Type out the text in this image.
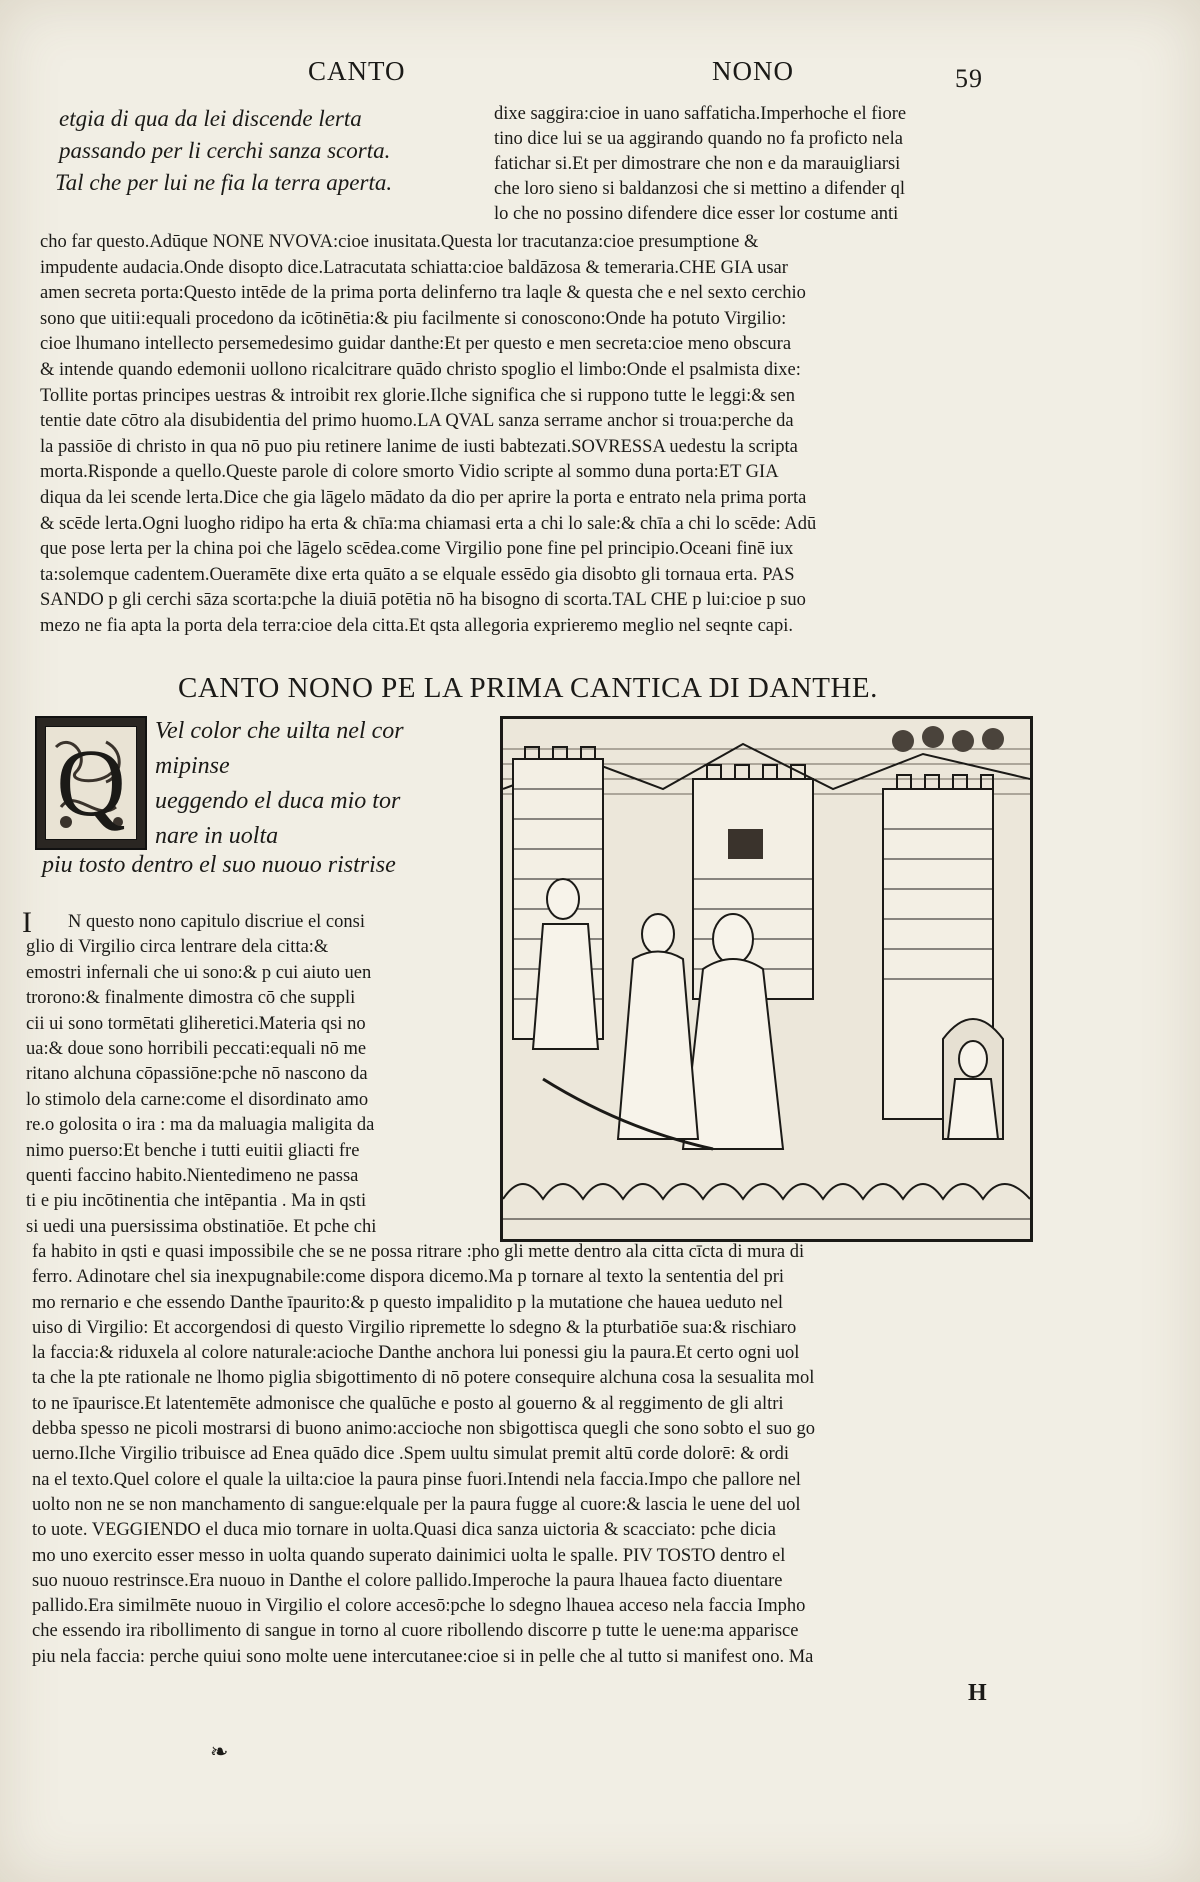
CANTO	NONO	59
etgia di qua da lei discende lerta
passando per li cerchi sanza scorta.
Tal che per lui ne fia la terra aperta.
dixe saggira:cioe in uano saffaticha.Imperhoche el fiore
tino dice lui se ua aggirando quando no fa proficto nela
fatichar si.Et per dimostrare che non e da marauigliarsi
che loro sieno si baldanzosi che si mettino a difender ql
lo che no possino difendere dice esser lor costume anti
cho far questo.Adūque NONE NVOVA:cioe inusitata.Questa lor tracutanza:cioe presumptione &
impudente audacia.Onde disopto dice.Latracutata schiatta:cioe baldāzosa & temeraria.CHE GIA usar
amen secreta porta:Questo intēde de la prima porta delinferno tra laqle & questa che e nel sexto cerchio
sono que uitii:equali procedono da icōtinētia:& piu facilmente si conoscono:Onde ha potuto Virgilio:
cioe lhumano intellecto persemedesimo guidar danthe:Et per questo e men secreta:cioe meno obscura
& intende quando edemonii uollono ricalcitrare quādo christo spoglio el limbo:Onde el psalmista dixe:
Tollite portas principes uestras & introibit rex glorie.Ilche significa che si ruppono tutte le leggi:& sen
tentie date cōtro ala disubidentia del primo huomo.LA QVAL sanza serrame anchor si troua:perche da
la passiōe di christo in qua nō puo piu retinere lanime de iusti babtezati.SOVRESSA uedestu la scripta
morta.Risponde a quello.Queste parole di colore smorto Vidio scripte al sommo duna porta:ET GIA
diqua da lei scende lerta.Dice che gia lāgelo mādato da dio per aprire la porta e entrato nela prima porta
& scēde lerta.Ogni luogho ridipo ha erta & chīa:ma chiamasi erta a chi lo sale:& chīa a chi lo scēde: Adū
que pose lerta per la china poi che lāgelo scēdea.come Virgilio pone fine pel principio.Oceani finē iux
ta:solemque cadentem.Oueramēte dixe erta quāto a se elquale essēdo gia disobto gli tornaua erta. PAS
SANDO p gli cerchi sāza scorta:pche la diuiā potētia nō ha bisogno di scorta.TAL CHE p lui:cioe p suo
mezo ne fia apta la porta dela terra:cioe dela citta.Et qsta allegoria exprieremo meglio nel seqnte capi.
CANTO NONO PE LA PRIMA CANTICA DI DANTHE.
Q	Vel color che uilta nel cor
mipinse
ueggendo el duca mio tor
nare in uolta
piu tosto dentro el suo nuouo ristrise
I N questo nono capitulo discriue el consi
glio di Virgilio circa lentrare dela citta:&
emostri infernali che ui sono:& p cui aiuto uen
trorono:& finalmente dimostra cō che suppli
cii ui sono tormētati gliheretici.Materia qsi no
ua:& doue sono horribili peccati:equali nō me
ritano alchuna cōpassiōne:pche nō nascono da
lo stimolo dela carne:come el disordinato amo
re.o golosita o ira : ma da maluagia maligita da
nimo puerso:Et benche i tutti euitii gliacti fre
quenti faccino habito.Nientedimeno ne passa
ti e piu incōtinentia che intēpantia . Ma in qsti
si uedi una puersissima obstinatiōe. Et pche chi
fa habito in qsti e quasi impossibile che se ne possa ritrare :pho gli mette dentro ala citta cīcta di mura di
ferro. Adinotare chel sia inexpugnabile:come dispora dicemo.Ma p tornare al texto la sententia del pri
mo rernario e che essendo Danthe īpaurito:& p questo impalidito p la mutatione che hauea ueduto nel
uiso di Virgilio: Et accorgendosi di questo Virgilio ripremette lo sdegno & la pturbatiōe sua:& rischiaro
la faccia:& riduxela al colore naturale:acioche Danthe anchora lui ponessi giu la paura.Et certo ogni uol
ta che la pte rationale ne lhomo piglia sbigottimento di nō potere consequire alchuna cosa la sesualita mol
to ne īpaurisce.Et latentemēte admonisce che qualūche e posto al gouerno & al reggimento de gli altri
debba spesso ne picoli mostrarsi di buono animo:accioche non sbigottisca quegli che sono sobto el suo go
uerno.Ilche Virgilio tribuisce ad Enea quādo dice .Spem uultu simulat premit altū corde dolorē: & ordi
na el texto.Quel colore el quale la uilta:cioe la paura pinse fuori.Intendi nela faccia.Impo che pallore nel
uolto non ne se non manchamento di sangue:elquale per la paura fugge al cuore:& lascia le uene del uol
to uote. VEGGIENDO el duca mio tornare in uolta.Quasi dica sanza uictoria & scacciato: pche dicia
mo uno exercito esser messo in uolta quando superato dainimici uolta le spalle. PIV TOSTO dentro el
suo nuouo restrinsce.Era nuouo in Danthe el colore pallido.Imperoche la paura lhauea facto diuentare
pallido.Era similmēte nuouo in Virgilio el colore accesō:pche lo sdegno lhauea acceso nela faccia Impho
che essendo ira ribollimento di sangue in torno al cuore ribollendo discorre p tutte le uene:ma apparisce
piu nela faccia: perche quiui sono molte uene intercutanee:cioe si in pelle che al tutto si manifest ono. Ma
H
❧
